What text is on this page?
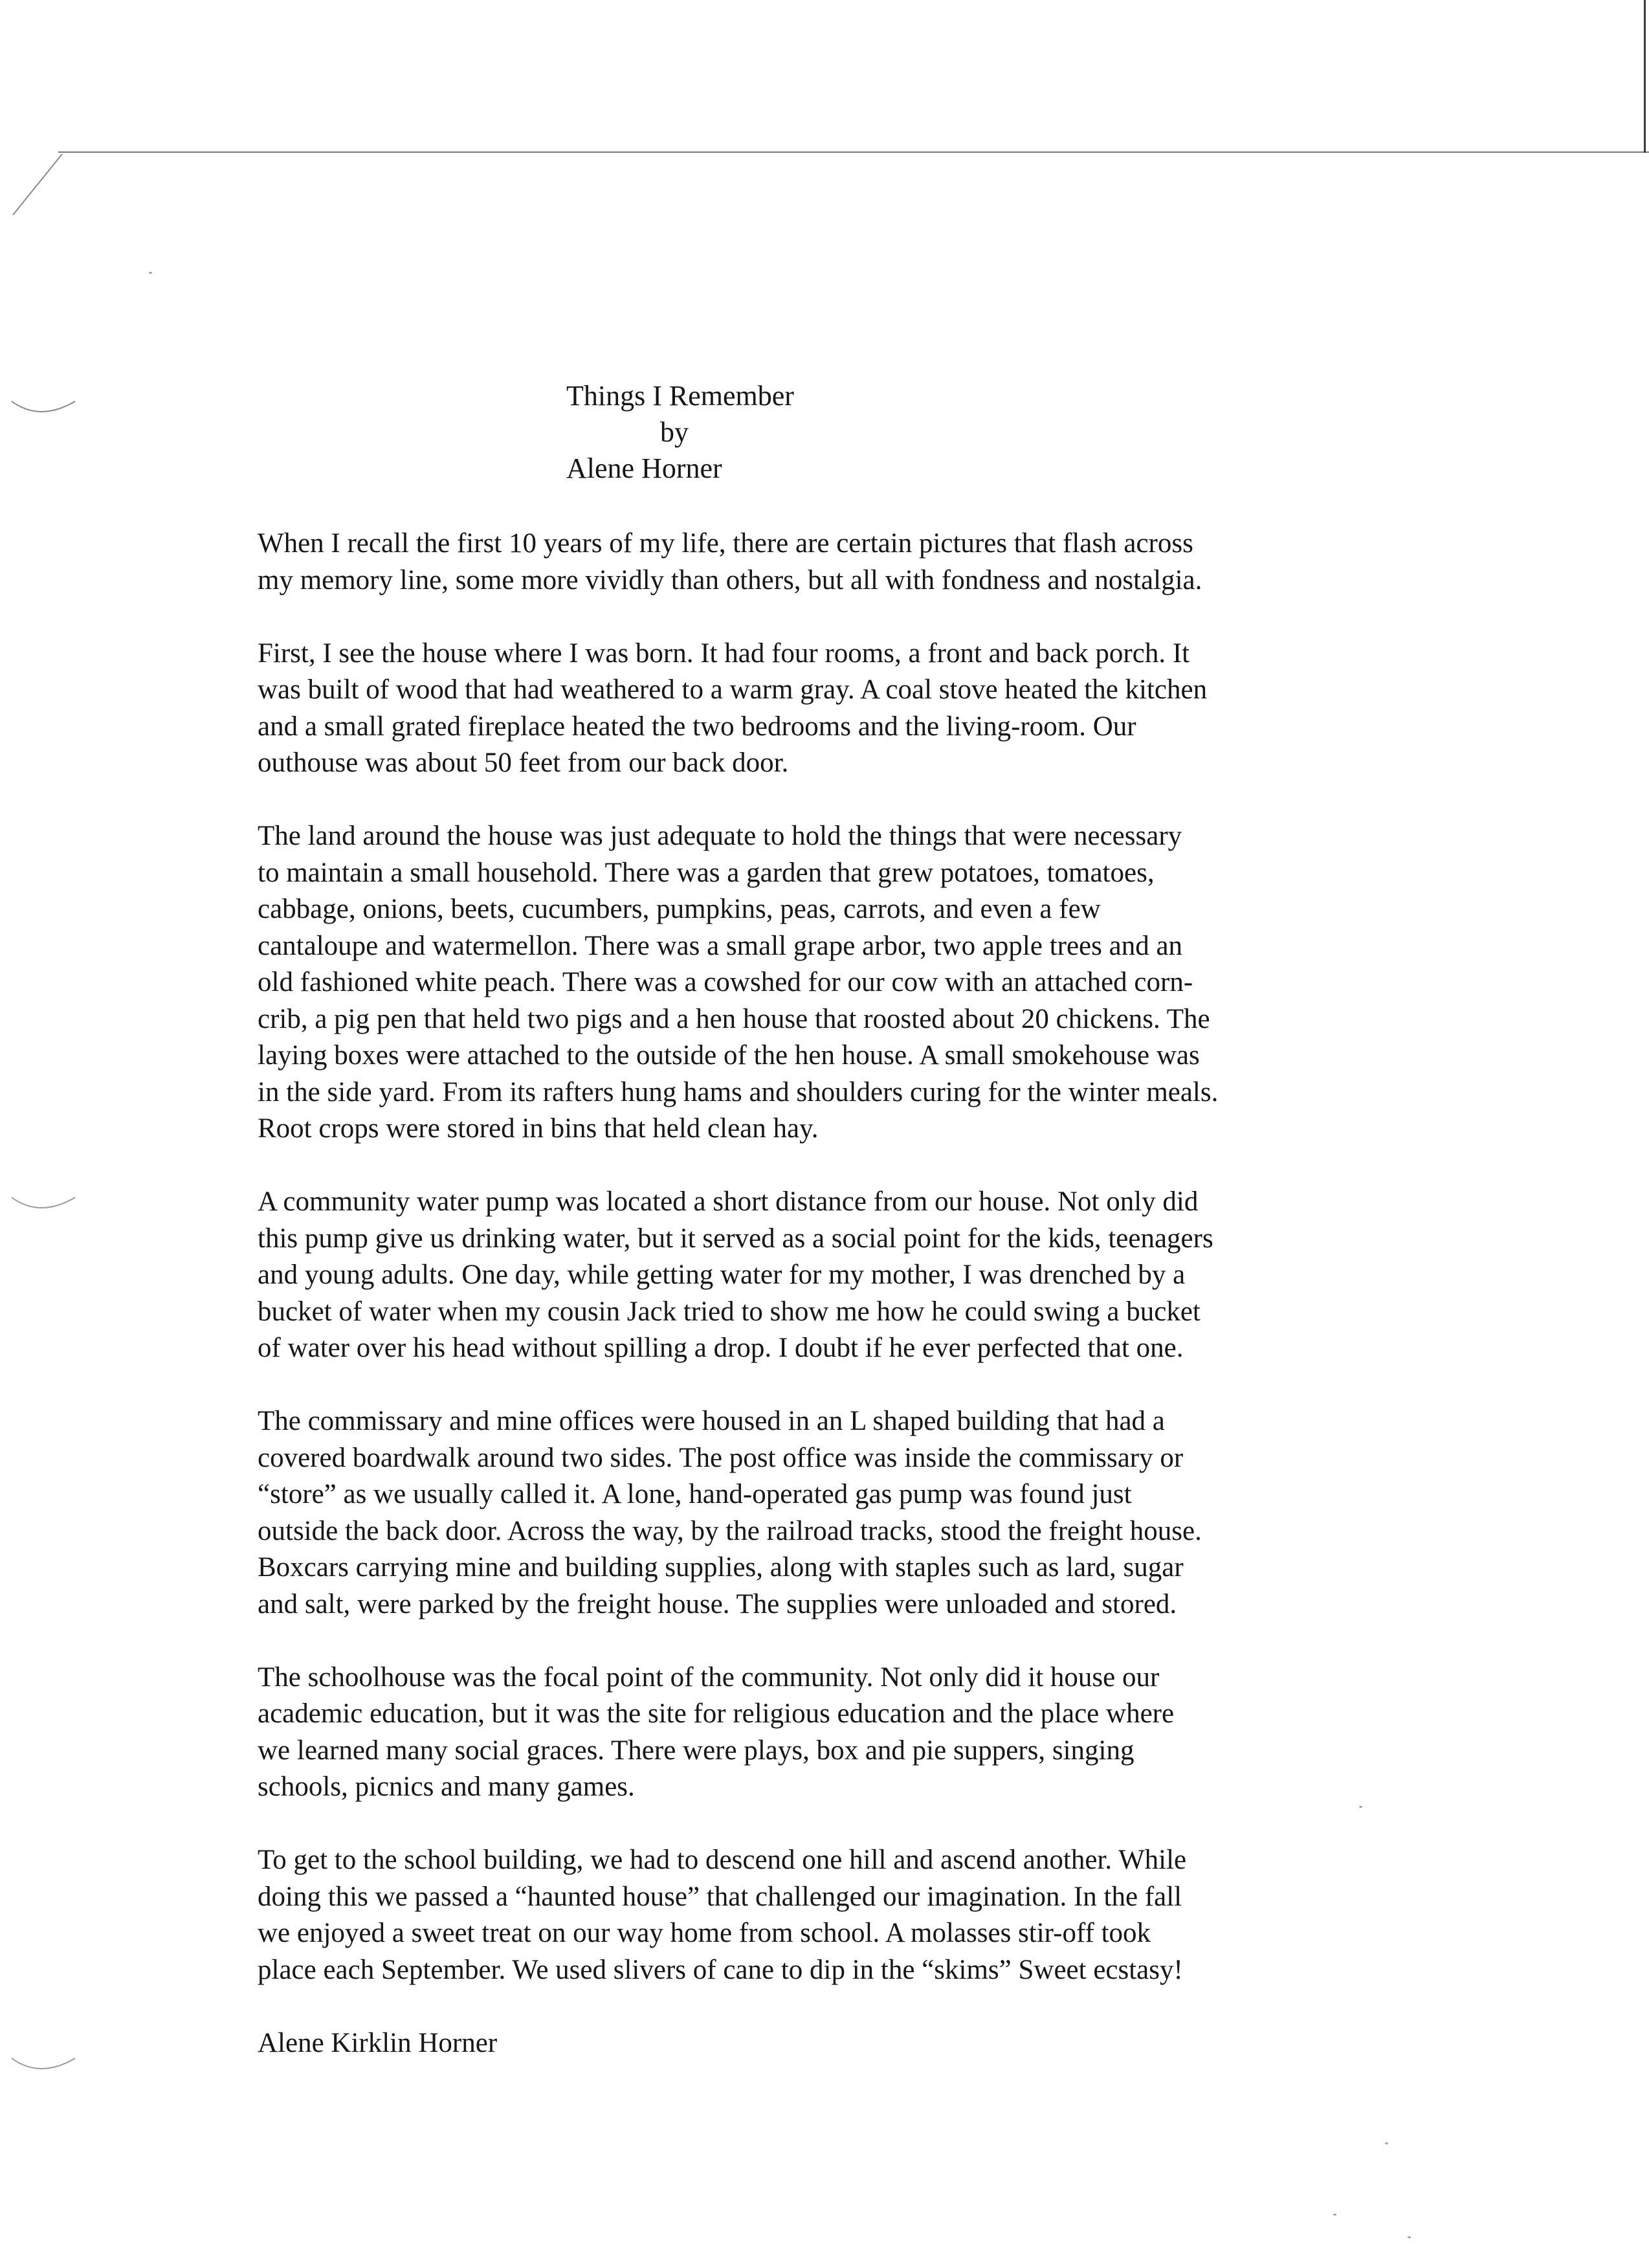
Things I Remember
by
Alene Horner
When I recall the first 10 years of my life, there are certain pictures that flash across
my memory line, some more vividly than others, but all with fondness and nostalgia.
First, I see the house where I was born. It had four rooms, a front and back porch. It
was built of wood that had weathered to a warm gray. A coal stove heated the kitchen
and a small grated fireplace heated the two bedrooms and the living-room. Our
outhouse was about 50 feet from our back door.
The land around the house was just adequate to hold the things that were necessary
to maintain a small household. There was a garden that grew potatoes, tomatoes,
cabbage, onions, beets, cucumbers, pumpkins, peas, carrots, and even a few
cantaloupe and watermellon. There was a small grape arbor, two apple trees and an
old fashioned white peach. There was a cowshed for our cow with an attached corn-
crib, a pig pen that held two pigs and a hen house that roosted about 20 chickens. The
laying boxes were attached to the outside of the hen house. A small smokehouse was
in the side yard. From its rafters hung hams and shoulders curing for the winter meals.
Root crops were stored in bins that held clean hay.
A community water pump was located a short distance from our house. Not only did
this pump give us drinking water, but it served as a social point for the kids, teenagers
and young adults. One day, while getting water for my mother, I was drenched by a
bucket of water when my cousin Jack tried to show me how he could swing a bucket
of water over his head without spilling a drop. I doubt if he ever perfected that one.
The commissary and mine offices were housed in an L shaped building that had a
covered boardwalk around two sides. The post office was inside the commissary or
“store” as we usually called it. A lone, hand-operated gas pump was found just
outside the back door. Across the way, by the railroad tracks, stood the freight house.
Boxcars carrying mine and building supplies, along with staples such as lard, sugar
and salt, were parked by the freight house. The supplies were unloaded and stored.
The schoolhouse was the focal point of the community. Not only did it house our
academic education, but it was the site for religious education and the place where
we learned many social graces. There were plays, box and pie suppers, singing
schools, picnics and many games.
To get to the school building, we had to descend one hill and ascend another. While
doing this we passed a “haunted house” that challenged our imagination. In the fall
we enjoyed a sweet treat on our way home from school. A molasses stir-off took
place each September. We used slivers of cane to dip in the “skims” Sweet ecstasy!
Alene Kirklin Horner
